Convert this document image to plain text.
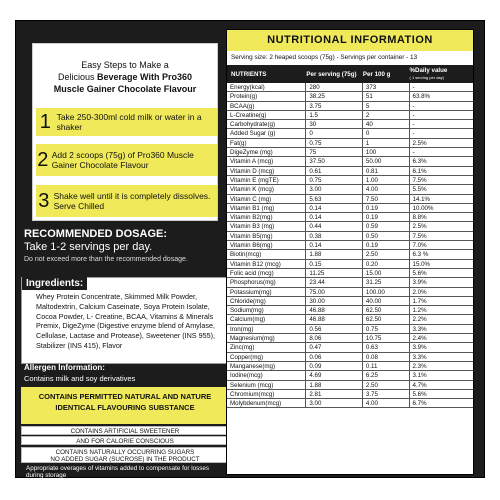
Easy Steps to Make a
Delicious Beverage With Pro360
Muscle Gainer Chocolate Flavour
1 Take 250-300ml cold milk or water in a shaker
2 Add 2 scoops (75g) of Pro360 Muscle Gainer Chocolate Flavour
3 Shake well until it is completely dissolves. Serve Chilled
RECOMMENDED DOSAGE:
Take 1-2 servings per day.
Do not exceed more than the recommended dosage.
Whey Protein Concentrate, Skimmed Milk Powder, Maltodextrin, Calcium Caseinate, Soya Protein Isolate, Cocoa Powder, L- Creatine, BCAA, Vitamins & Minerals Premix, DigeZyme (Digestive enzyme blend of Amylase, Cellulase, Lactase and Protease), Sweetener (INS 955), Stabilizer (INS 415), Flavor
Ingredients:
Allergen Information:
Contains milk and soy derivatives
CONTAINS PERMITTED NATURAL AND NATURE IDENTICAL FLAVOURING SUBSTANCE
CONTAINS ARTIFICIAL SWEETENER
AND FOR CALORIE CONSCIOUS
CONTAINS NATURALLY OCCURRING SUGARS
NO ADDED SUGAR (SUCROSE) IN THE PRODUCT
Appropriate overages of vitamins added to compensate for losses during storage
NUTRITIONAL INFORMATION
Serving size: 2 heaped scoops (75g) - Servings per container - 13
NUTRIENTS	Per serving (75g)	Per 100 g	%Daily value
( 1 serving per day)
Energy(kcal)	280	373	-
Protein(g)	38.25	51	63.8%
BCAA(g)	3.75	5	-
L-Creatine(g)	1.5	2	-
Carbohydrate(g)	30	40	-
Added Sugar (g)	0	0	-
Fat(g)	0.75	1	2.5%
DigeZyme (mg)	75	100	-
Vitamin A (mcg)	37.50	50.00	6.3%
Vitamin D (mcg)	0.61	0.81	6.1%
Vitamin E (mgTE)	0.75	1.00	7.5%
Vitamin K (mcg)	3.00	4.00	5.5%
Vitamin C (mg)	5.63	7.50	14.1%
Vitamin B1 (mg)	0.14	0.19	10.00%
Vitamin B2(mg)	0.14	0.19	8.8%
Vitamin B3 (mg)	0.44	0.59	2.5%
Vitamin B5(mg)	0.38	0.50	7.5%
Vitamin B6(mg)	0.14	0.19	7.0%
Biotin(mcg)	1.88	2.50	6.3 %
Vitamin B12 (mcg)	0.15	0.20	15.0%
Folic acid (mcg)	11.25	15.00	5.6%
Phosphorus(mg)	23.44	31.25	3.9%
Potassium(mg)	75.00	100.00	2.0%
Chloride(mg)	30.00	40.00	1.7%
Sodium(mg)	46.88	62.50	1.2%
Calcium(mg)	46.88	62.50	2.2%
Iron(mg)	0.56	0.75	3.3%
Magnesium(mg)	8.06	10.75	2.4%
Zinc(mg)	0.47	0.63	3.9%
Copper(mg)	0.06	0.08	3.3%
Manganese(mg)	0.09	0.11	2.3%
Iodine(mcg)	4.69	6.25	3.1%
Selenium (mcg)	1.88	2.50	4.7%
Chromium(mcg)	2.81	3.75	5.6%
Molybdenum(mcg)	3.00	4.00	6.7%
